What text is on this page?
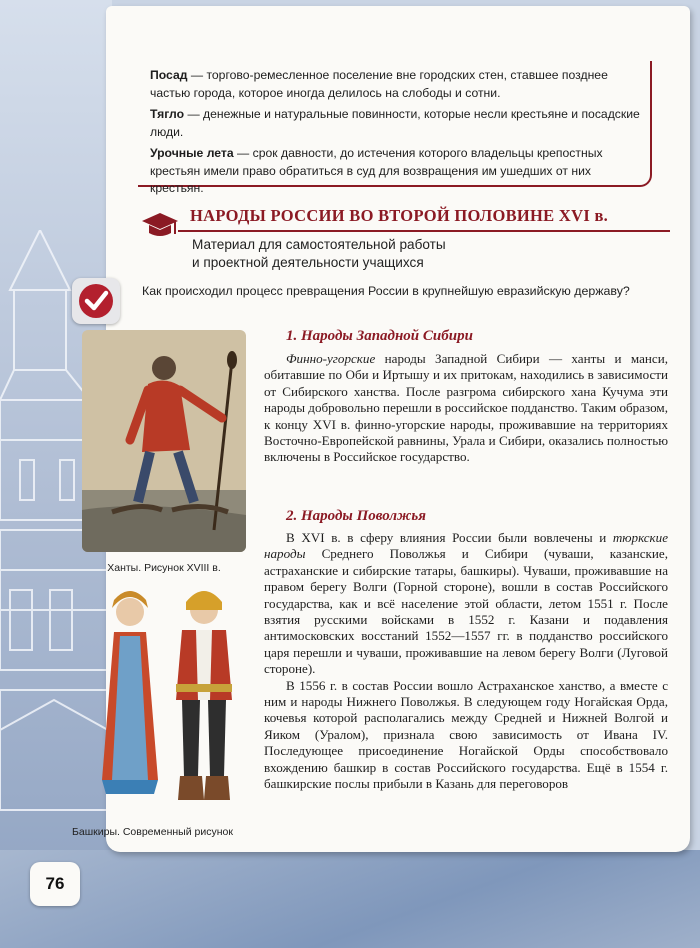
Посад — торгово-ремесленное поселение вне городских стен, ставшее позднее частью города, которое иногда делилось на слободы и сотни.
Тягло — денежные и натуральные повинности, которые несли крестьяне и посадские люди.
Урочные лета — срок давности, до истечения которого владельцы крепостных крестьян имели право обратиться в суд для возвращения им ушедших от них крестьян.
НАРОДЫ РОССИИ ВО ВТОРОЙ ПОЛОВИНЕ XVI в.
Материал для самостоятельной работы
и проектной деятельности учащихся
Как происходил процесс превращения России в крупнейшую евразийскую державу?
Ханты. Рисунок XVIII в.
Башкиры. Современный рисунок
1. Народы Западной Сибири

Финно-угорские народы Западной Сибири — ханты и манси, обитавшие по Оби и Иртышу и их притокам, находились в зависимости от Сибирского ханства. После разгрома сибирского хана Кучума эти народы добровольно перешли в российское подданство. Таким образом, к концу XVI в. финно-угорские народы, проживавшие на территориях Восточно-Европейской равнины, Урала и Сибири, оказались полностью включены в Российское государство.

2. Народы Поволжья

В XVI в. в сферу влияния России были вовлечены и тюркские народы Среднего Поволжья и Сибири (чуваши, казанские, астраханские и сибирские татары, башкиры). Чуваши, проживавшие на правом берегу Волги (Горной стороне), вошли в состав Российского государства, как и всё население этой области, летом 1551 г. После взятия русскими войсками в 1552 г. Казани и подавления антимосковских восстаний 1552—1557 гг. в подданство российского царя перешли и чуваши, проживавшие на левом берегу Волги (Луговой стороне).

В 1556 г. в состав России вошло Астраханское ханство, а вместе с ним и народы Нижнего Поволжья. В следующем году Ногайская Орда, кочевья которой располагались между Средней и Нижней Волгой и Яиком (Уралом), признала свою зависимость от Ивана IV. Последующее присоединение Ногайской Орды способствовало вхождению башкир в состав Российского государства. Ещё в 1554 г. башкирские послы прибыли в Казань для переговоров

76
